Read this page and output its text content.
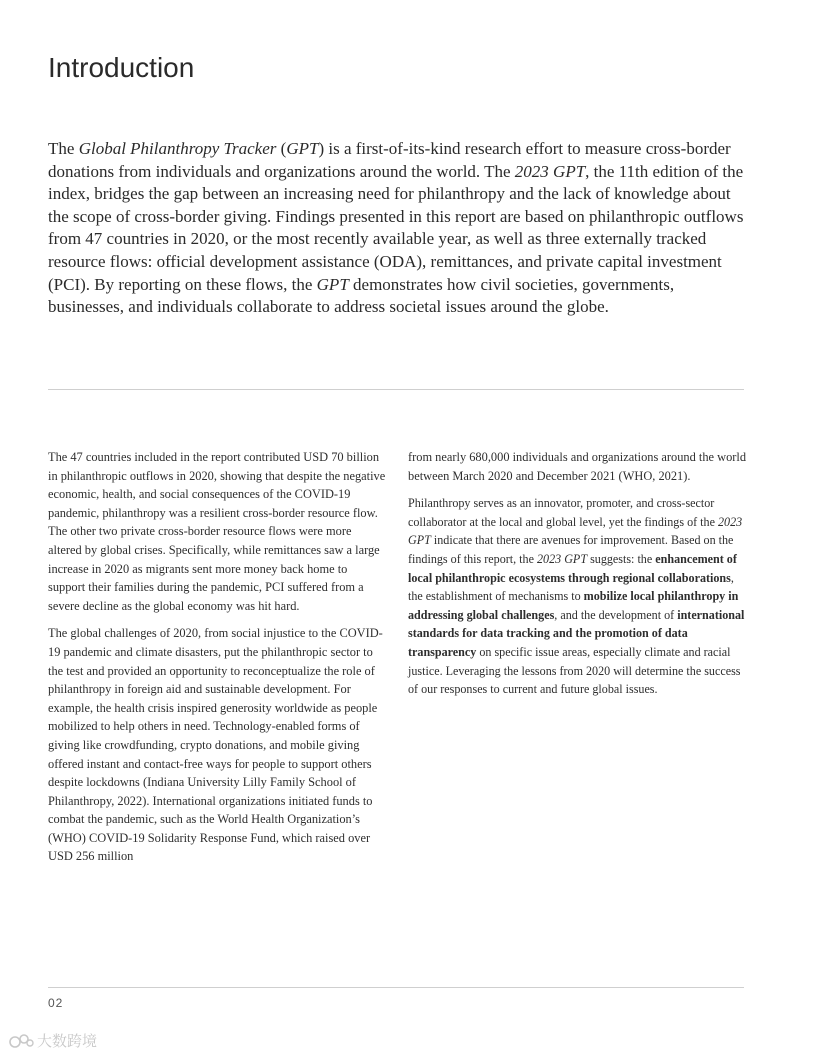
Introduction

The Global Philanthropy Tracker (GPT) is a first-of-its-kind research effort to measure cross-border donations from individuals and organizations around the world. The 2023 GPT, the 11th edition of the index, bridges the gap between an increasing need for philanthropy and the lack of knowledge about the scope of cross-border giving. Findings presented in this report are based on philanthropic outflows from 47 countries in 2020, or the most recently available year, as well as three externally tracked resource flows: official development assistance (ODA), remittances, and private capital investment (PCI). By reporting on these flows, the GPT demonstrates how civil societies, governments, businesses, and individuals collaborate to address societal issues around the globe.

The 47 countries included in the report contributed USD 70 billion in philanthropic outflows in 2020, showing that despite the negative economic, health, and social consequences of the COVID-19 pandemic, philanthropy was a resilient cross-border resource flow. The other two private cross-border resource flows were more altered by global crises. Specifically, while remittances saw a large increase in 2020 as migrants sent more money back home to support their families during the pandemic, PCI suffered from a severe decline as the global economy was hit hard.

The global challenges of 2020, from social injustice to the COVID-19 pandemic and climate disasters, put the philanthropic sector to the test and provided an opportunity to reconceptualize the role of philanthropy in foreign aid and sustainable development. For example, the health crisis inspired generosity worldwide as people mobilized to help others in need. Technology-enabled forms of giving like crowdfunding, crypto donations, and mobile giving offered instant and contact-free ways for people to support others despite lockdowns (Indiana University Lilly Family School of Philanthropy, 2022). International organizations initiated funds to combat the pandemic, such as the World Health Organization’s (WHO) COVID-19 Solidarity Response Fund, which raised over USD 256 million

from nearly 680,000 individuals and organizations around the world between March 2020 and December 2021 (WHO, 2021).

Philanthropy serves as an innovator, promoter, and cross-sector collaborator at the local and global level, yet the findings of the 2023 GPT indicate that there are avenues for improvement. Based on the findings of this report, the 2023 GPT suggests: the enhancement of local philanthropic ecosystems through regional collaborations, the establishment of mechanisms to mobilize local philanthropy in addressing global challenges, and the development of international standards for data tracking and the promotion of data transparency on specific issue areas, especially climate and racial justice. Leveraging the lessons from 2020 will determine the success of our responses to current and future global issues.

02
大数跨境
